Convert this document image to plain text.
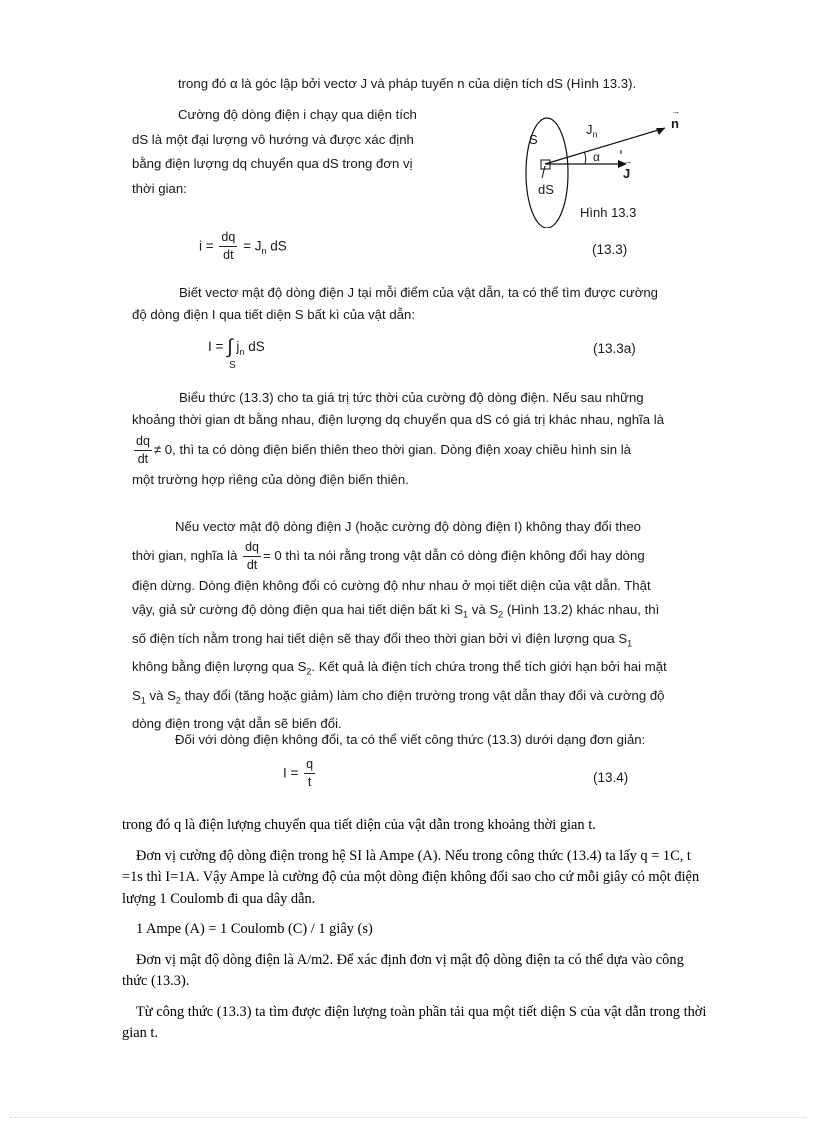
trong đó α là góc lập bởi vectơ J và pháp tuyến n của diện tích dS (Hình 13.3).
Cường độ dòng điện i chạy qua diện tích
dS là một đại lượng vô hướng và được xác định
bằng điện lượng dq chuyển qua dS trong đơn vị
thời gian:
S
dS
$J_n$
α
→ n
→ J
Hình 13.3
$i = \frac{dq}{dt} = J_n$ dS	(13.3)
Biết vectơ mật độ dòng điện J tại mỗi điểm của vật dẫn, ta có thể tìm được cường
độ dòng điện I qua tiết diện S bất kì của vật dẫn:
I = ∫
S
$j_n$ dS	(13.3a)
Biểu thức (13.3) cho ta giá trị tức thời của cường độ dòng điện. Nếu sau những
khoảng thời gian dt bằng nhau, điện lượng dq chuyển qua dS có giá trị khác nhau, nghĩa là
$\frac{dq}{dt} \ne 0$, thì ta có dòng điện biến thiên theo thời gian. Dòng điện xoay chiều hình sin là
một trường hợp riêng của dòng điện biến thiên.
Nếu vectơ mật độ dòng điện J (hoặc cường độ dòng điện I) không thay đổi theo
thời gian, nghĩa là $\frac{dq}{dt} = 0$ thì ta nói rằng trong vật dẫn có dòng điện không đổi hay dòng
điện dừng. Dòng điện không đổi có cường độ như nhau ở mọi tiết diện của vật dẫn. Thật
vậy, giả sử cường độ dòng điện qua hai tiết diện bất kì $S_1$ và $S_2$ (Hình 13.2) khác nhau, thì
số điện tích nằm trong hai tiết diện sẽ thay đổi theo thời gian bởi vì điện lượng qua $S_1$
không bằng điện lượng qua $S_2$. Kết quả là điện tích chứa trong thể tích giới hạn bởi hai mặt
$S_1$ và $S_2$ thay đổi (tăng hoặc giảm) làm cho điện trường trong vật dẫn thay đổi và cường độ
dòng điện trong vật dẫn sẽ biến đổi.
Đối với dòng điện không đổi, ta có thể viết công thức (13.3) dưới dạng đơn giản:
$I = \frac{q}{t}$	(13.4)
trong đó q là điện lượng chuyển qua tiết diện của vật dẫn trong khoảng thời gian t.
Đơn vị cường độ dòng điện trong hệ SI là Ampe (A). Nếu trong công thức (13.4) ta lấy q = 1C, t
=1s thì I=1A. Vậy Ampe là cường độ của một dòng điện không đổi sao cho cứ mỗi giây có một điện
lượng 1 Coulomb đi qua dây dẫn.
1 Ampe (A) = 1 Coulomb (C) / 1 giây (s)
Đơn vị mật độ dòng điện là A/m2. Để xác định đơn vị mật độ dòng điện ta có thể dựa vào công
thức (13.3).
Từ công thức (13.3) ta tìm được điện lượng toàn phần tải qua một tiết diện S của vật dẫn trong thời
gian t.
